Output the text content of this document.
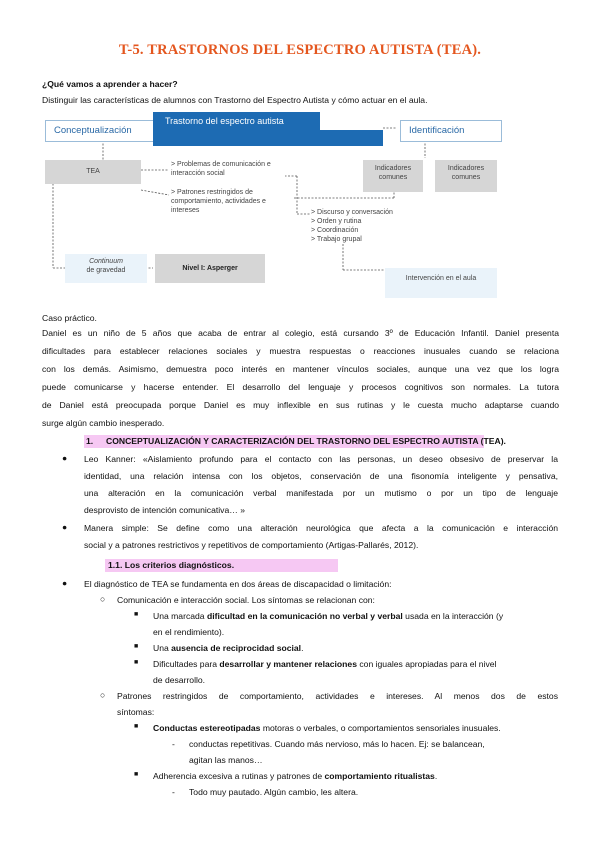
T-5. TRASTORNOS DEL ESPECTRO AUTISTA (TEA).
¿Qué vamos a aprender a hacer?
Distinguir las características de alumnos con Trastorno del Espectro Autista y cómo actuar en el aula.
Conceptualización
Trastorno del espectro autista
Identificación
TEA
> Problemas de comunicación e interacción social
> Patrones restringidos de comportamiento, actividades e intereses
Indicadores comunes
Indicadores comunes
> Discurso y conversación
> Orden y rutina
> Coordinación
> Trabajo grupal
Continuum
de gravedad	Nivel I: Asperger
Intervención en el aula
Caso práctico.
Daniel es un niño de 5 años que acaba de entrar al colegio, está cursando 3º de Educación Infantil. Daniel presenta
dificultades para establecer relaciones sociales y muestra respuestas o reacciones inusuales cuando se relaciona
con los demás. Asimismo, demuestra poco interés en mantener vínculos sociales, aunque una vez que los logra
puede comunicarse y hacerse entender. El desarrollo del lenguaje y procesos cognitivos son normales. La tutora
de Daniel está preocupada porque Daniel es muy inflexible en sus rutinas y le cuesta mucho adaptarse cuando
surge algún cambio inesperado.
1. CONCEPTUALIZACIÓN Y CARACTERIZACIÓN DEL TRASTORNO DEL ESPECTRO AUTISTA (TEA).
● Leo Kanner: «Aislamiento profundo para el contacto con las personas, un deseo obsesivo de preservar la
identidad, una relación intensa con los objetos, conservación de una fisonomía inteligente y pensativa,
una alteración en la comunicación verbal manifestada por un mutismo o por un tipo de lenguaje
desprovisto de intención comunicativa… »
● Manera simple: Se define como una alteración neurológica que afecta a la comunicación e interacción
social y a patrones restrictivos y repetitivos de comportamiento (Artigas-Pallarés, 2012).
1.1. Los criterios diagnósticos.
● El diagnóstico de TEA se fundamenta en dos áreas de discapacidad o limitación:
○ Comunicación e interacción social. Los síntomas se relacionan con:
■ Una marcada dificultad en la comunicación no verbal y verbal usada en la interacción (y
en el rendimiento).
■ Una ausencia de reciprocidad social.
■ Dificultades para desarrollar y mantener relaciones con iguales apropiadas para el nivel
de desarrollo.
○ Patrones restringidos de comportamiento, actividades e intereses. Al menos dos de estos
síntomas:
■ Conductas estereotipadas motoras o verbales, o comportamientos sensoriales inusuales.
- conductas repetitivas. Cuando más nervioso, más lo hacen. Ej: se balancean,
agitan las manos…
■ Adherencia excesiva a rutinas y patrones de comportamiento ritualistas.
- Todo muy pautado. Algún cambio, les altera.
